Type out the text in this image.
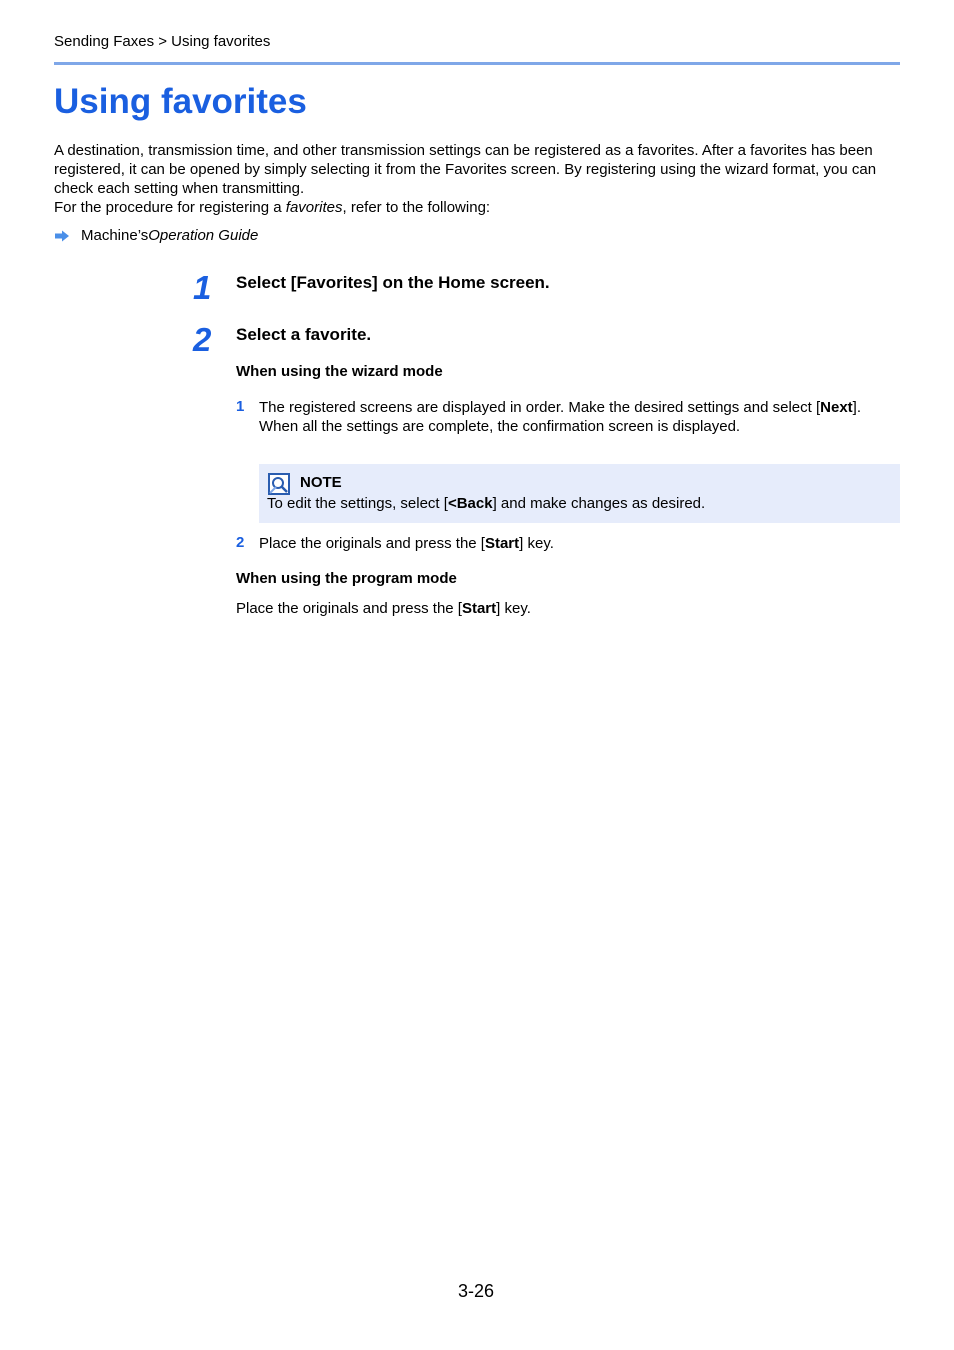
Sending Faxes > Using favorites
Using favorites
A destination, transmission time, and other transmission settings can be registered as a favorites. After a favorites has been registered, it can be opened by simply selecting it from the Favorites screen. By registering using the wizard format, you can check each setting when transmitting.
For the procedure for registering a favorites, refer to the following:
Machine’s Operation Guide
1 Select [Favorites] on the Home screen.
2 Select a favorite.
When using the wizard mode
1 The registered screens are displayed in order. Make the desired settings and select [Next]. When all the settings are complete, the confirmation screen is displayed.
NOTE
To edit the settings, select [<Back] and make changes as desired.
2 Place the originals and press the [Start] key.
When using the program mode
Place the originals and press the [Start] key.
3-26
